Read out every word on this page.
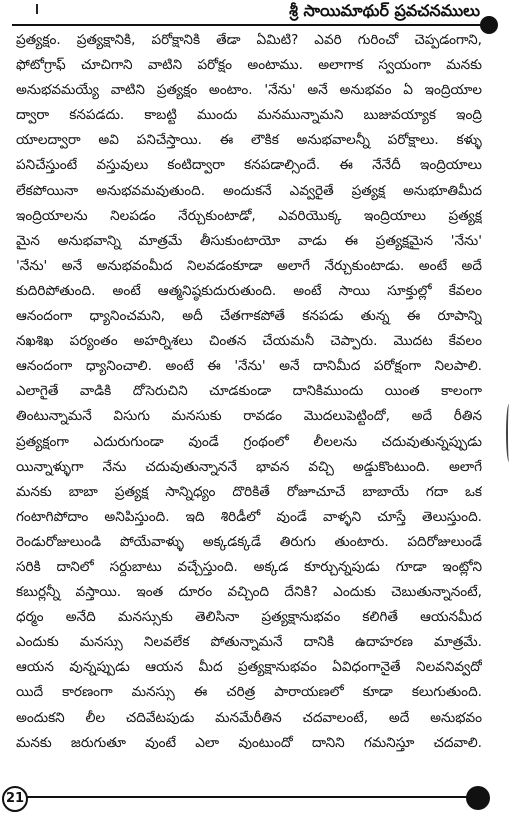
శ్రీ సాయిమాథుర్ ప్రవచనములు
ప్రత్యక్షం. ప్రత్యక్షానికి, పరోక్షానికి తేడా ఏమిటి? ఎవరి గురించో చెప్పడంగాని,
ఫోటోగ్రాఫ్ చూచిగాని వాటిని పరోక్షం అంటాము. అలాగాక స్వయంగా మనకు
అనుభవమయ్యే వాటిని ప్రత్యక్షం అంటాం. 'నేను' అనే అనుభవం ఏ ఇంద్రియాల
ద్వారా కనపడదు. కాబట్టి ముందు మనమున్నామని బుజువయ్యాక ఇంద్రి
యాలద్వారా అవి పనిచేస్తాయి. ఈ లౌకిక అనుభవాలన్నీ పరోక్షాలు. కళ్ళు
పనిచేస్తుంటే వస్తువులు కంటిద్వారా కనపడాల్సిందే. ఈ నేనేదీ ఇంద్రియాలు
లేకపోయినా అనుభవమవుతుంది. అందుకనే ఎవ్వరైతే ప్రత్యక్ష అనుభూతిమీద
ఇంద్రియాలను నిలపడం నేర్చుకుంటాడో, ఎవరియొక్క ఇంద్రియాలు ప్రత్యక్ష
మైన అనుభవాన్ని మాత్రమే తీసుకుంటాయో వాడు ఈ ప్రత్యక్షమైన 'నేను'
'నేను' అనే అనుభవంమీద నిలవడంకూడా అలాగే నేర్చుకుంటాడు. అంటే అదే
కుదిరిపోతుంది. అంటే ఆత్మనిష్ఠకుదురుతుంది. అంటే సాయి సూక్తుల్లో కేవలం
ఆనందంగా ధ్యానించమని, అదీ చేతగాకపోతే కనపడు తున్న ఈ రూపాన్ని
నఖశిఖ పర్యంతం అహర్నిశలు చింతన చేయమనీ చెప్పారు. మొదట కేవలం
ఆనందంగా ధ్యానించాలి. అంటే ఈ 'నేను' అనే దానిమీద పరోక్షంగా నిలపాలి.
ఎలాగైతే వాడికి దోసెరుచిని చూడకుండా దానికిముందు యింత కాలంగా
తింటున్నామనే విసుగు మనసుకు రావడం మొదలుపెట్టిందో, అదే రీతిన
ప్రత్యక్షంగా ఎదురుగుండా వుండే గ్రంథంలో లీలలను చదువుతున్నప్పుడు
యిన్నాళ్ళుగా నేను చదువుతున్నాననే భావన వచ్చి అడ్డుకొంటుంది. అలాగే
మనకు బాబా ప్రత్యక్ష సాన్నిధ్యం దొరికితే రోజూచూచే బాబాయే గదా ఒక
గంటాగిపోదాం అనిపిస్తుంది. ఇది శిరిడీలో వుండే వాళ్ళని చూస్తే తెలుస్తుంది.
రెండురోజులుండి పోయేవాళ్ళు అక్కడక్కడే తిరుగు తుంటారు. పదిరోజులుండే
సరికి దానిలో సర్దుబాటు వచ్చేస్తుంది. అక్కడ కూర్చున్నపుడు గూడా ఇంట్లోని
కబుర్లన్నీ వస్తాయి. ఇంత దూరం వచ్చింది దేనికి? ఎందుకు చెబుతున్నానంటే,
ధర్మం అనేది మనస్సుకు తెలిసినా ప్రత్యక్షానుభవం కలిగితే ఆయనమీద
ఎందుకు మనస్సు నిలవలేక పోతున్నామనే దానికి ఉదాహరణ మాత్రమే.
ఆయన వున్నప్పుడు ఆయన మీద ప్రత్యక్షానుభవం ఏవిధంగానైతే నిలవనివ్వదో
యిదే కారణంగా మనస్సు ఈ చరిత్ర పారాయణలో కూడా కలుగుతుంది.
అందుకని లీల చదివేటపుడు మనమేరీతిన చదవాలంటే, అదే అనుభవం
మనకు జరుగుతూ వుంటే ఎలా వుంటుందో దానిని గమనిస్తూ చదవాలి.
21
